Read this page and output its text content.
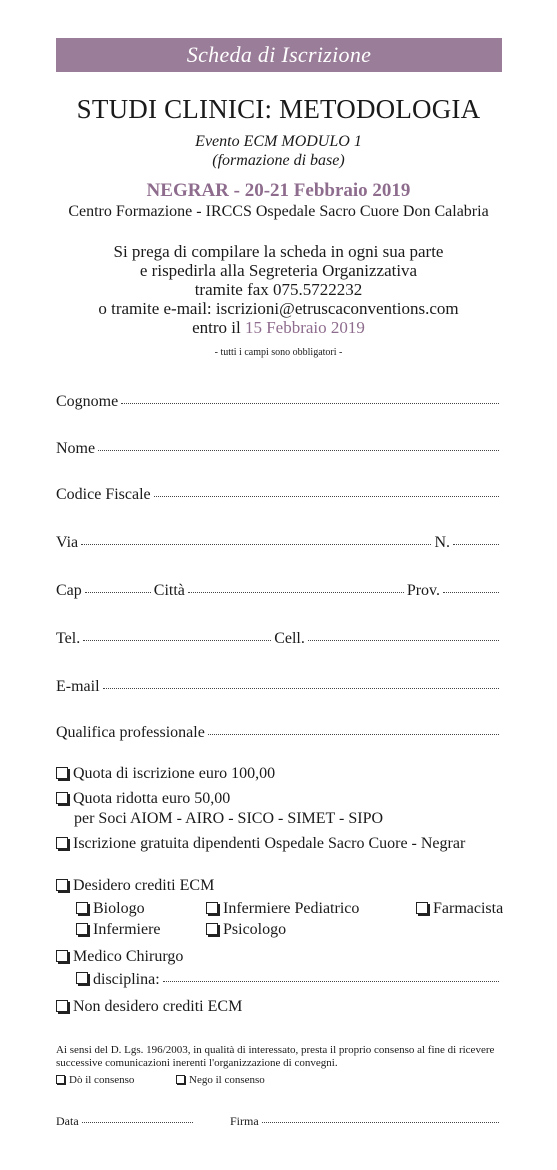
Scheda di Iscrizione
STUDI CLINICI: METODOLOGIA
Evento ECM MODULO 1
(formazione di base)
NEGRAR - 20-21 Febbraio 2019
Centro Formazione - IRCCS Ospedale Sacro Cuore Don Calabria
Si prega di compilare la scheda in ogni sua parte
e rispedirla alla Segreteria Organizzativa
tramite fax 075.5722232
o tramite e-mail: iscrizioni@etruscaconventions.com
entro il 15 Febbraio 2019
- tutti i campi sono obbligatori -
Cognome
Nome
Codice Fiscale
Via	N.
Cap	Città	Prov.
Tel.	Cell.
E-mail
Qualifica professionale
Quota di iscrizione euro 100,00
Quota ridotta euro 50,00
per Soci AIOM - AIRO - SICO - SIMET - SIPO
Iscrizione gratuita dipendenti Ospedale Sacro Cuore - Negrar
Desidero crediti ECM
Biologo	Infermiere Pediatrico	Farmacista
Infermiere	Psicologo
Medico Chirurgo
disciplina:
Non desidero crediti ECM
Ai sensi del D. Lgs. 196/2003, in qualità di interessato, presta il proprio consenso al fine di ricevere
successive comunicazioni inerenti l'organizzazione di convegni.
Dò il consenso	Nego il consenso
Data	Firma
